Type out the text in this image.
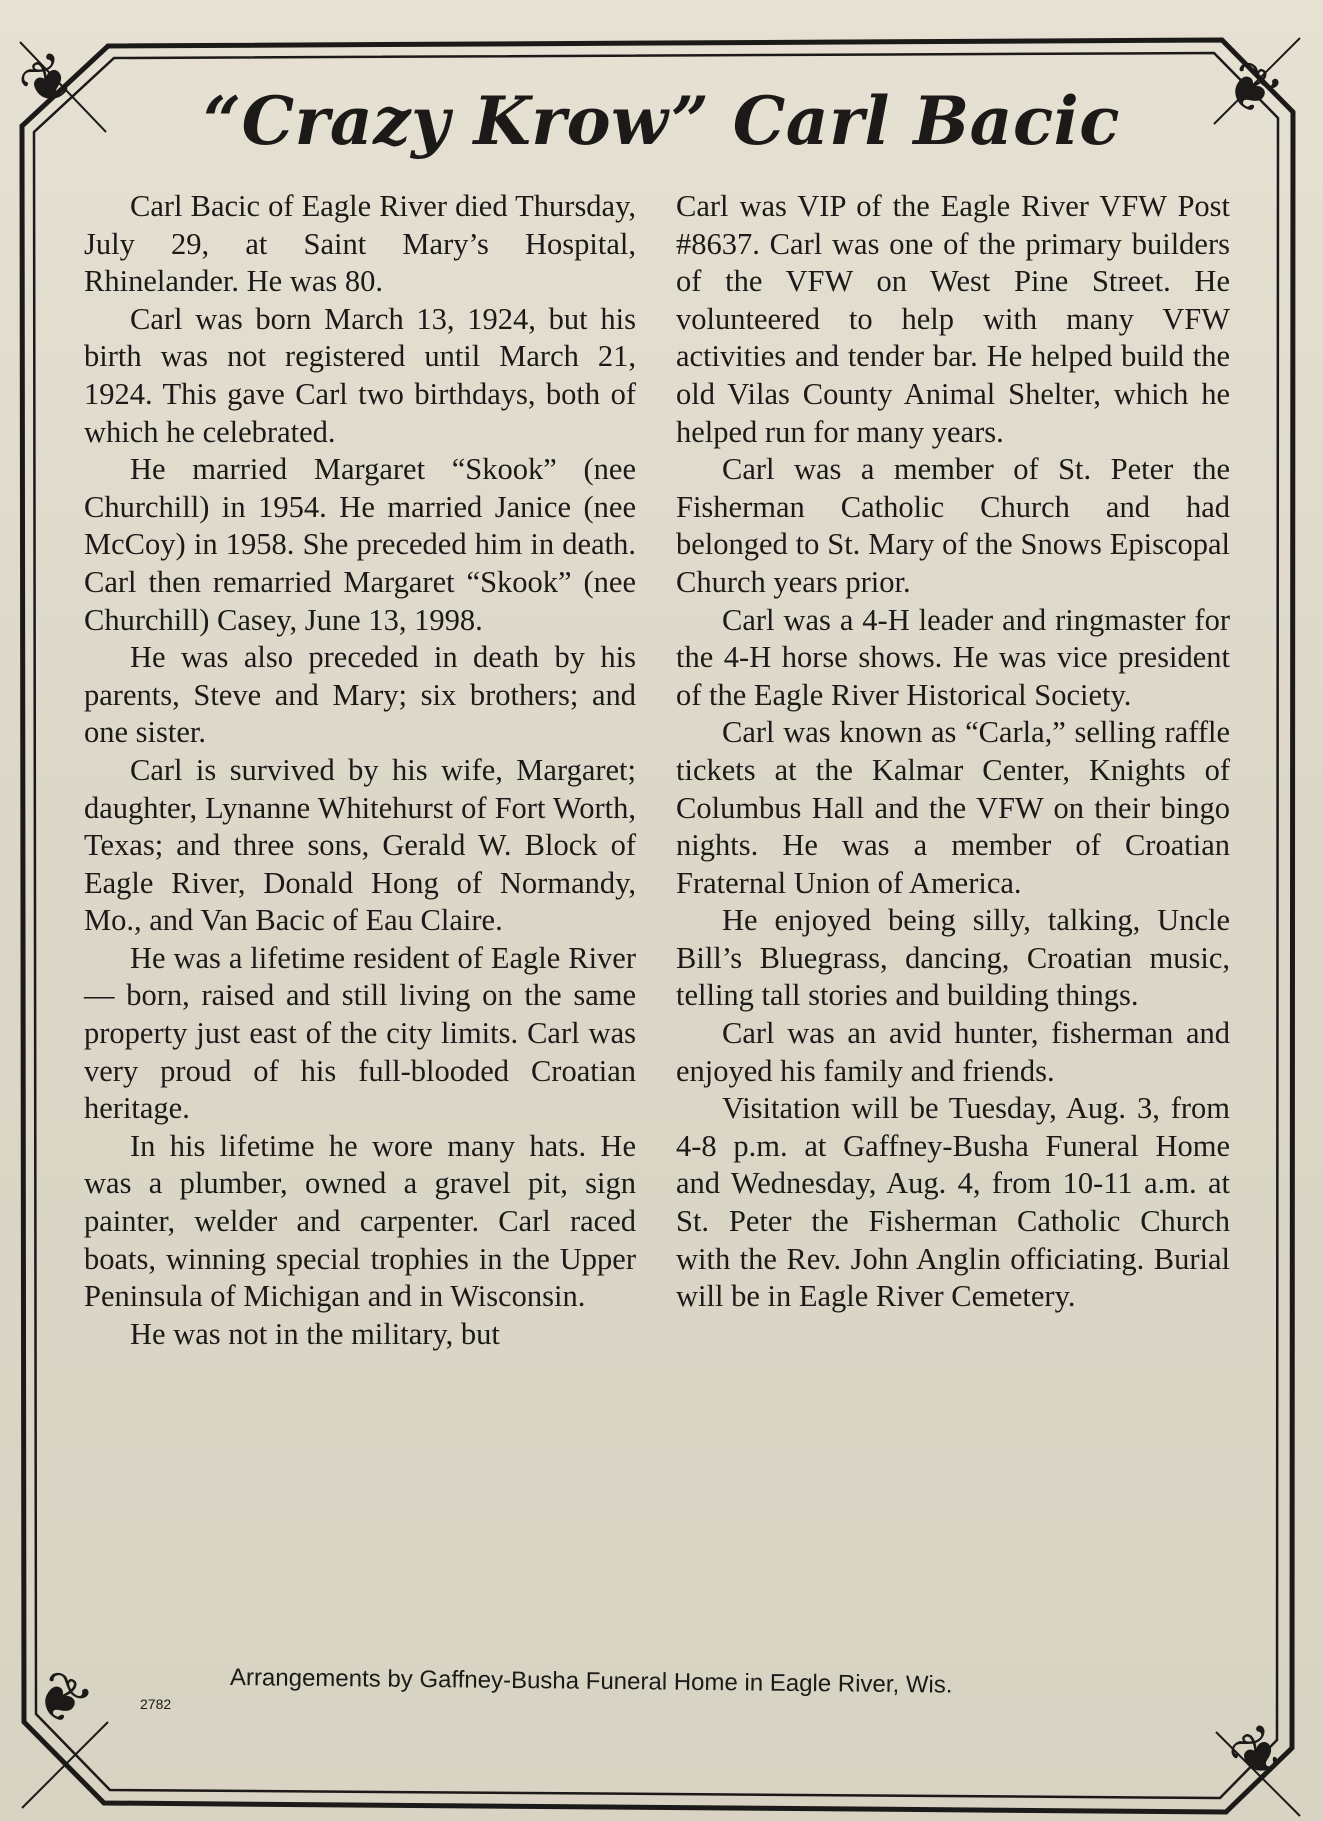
❦	❦
❦
❦
“Crazy Krow” Carl Bacic

Carl Bacic of Eagle River died Thursday, July 29, at Saint Mary’s Hospital, Rhinelander. He was 80.

Carl was born March 13, 1924, but his birth was not registered until March 21, 1924. This gave Carl two birthdays, both of which he celebrated.

He married Margaret “Skook” (nee Churchill) in 1954. He married Janice (nee McCoy) in 1958. She preceded him in death. Carl then remarried Margaret “Skook” (nee Churchill) Casey, June 13, 1998.

He was also preceded in death by his parents, Steve and Mary; six brothers; and one sister.

Carl is survived by his wife, Margaret; daughter, Lynanne Whitehurst of Fort Worth, Texas; and three sons, Gerald W. Block of Eagle River, Donald Hong of Normandy, Mo., and Van Bacic of Eau Claire.

He was a lifetime resident of Eagle River — born, raised and still living on the same property just east of the city limits. Carl was very proud of his full-blooded Croatian heritage.

In his lifetime he wore many hats. He was a plumber, owned a gravel pit, sign painter, welder and carpenter. Carl raced boats, winning special trophies in the Upper Peninsula of Michigan and in Wisconsin.

He was not in the military, but

Carl was VIP of the Eagle River VFW Post #8637. Carl was one of the primary builders of the VFW on West Pine Street. He volunteered to help with many VFW activities and tender bar. He helped build the old Vilas County Animal Shelter, which he helped run for many years.

Carl was a member of St. Peter the Fisherman Catholic Church and had belonged to St. Mary of the Snows Episcopal Church years prior.

Carl was a 4-H leader and ringmaster for the 4-H horse shows. He was vice president of the Eagle River Historical Society.

Carl was known as “Carla,” selling raffle tickets at the Kalmar Center, Knights of Columbus Hall and the VFW on their bingo nights. He was a member of Croatian Fraternal Union of America.

He enjoyed being silly, talking, Uncle Bill’s Bluegrass, dancing, Croatian music, telling tall stories and building things.

Carl was an avid hunter, fisherman and enjoyed his family and friends.

Visitation will be Tuesday, Aug. 3, from 4-8 p.m. at Gaffney-Busha Funeral Home and Wednesday, Aug. 4, from 10-11 a.m. at St. Peter the Fisherman Catholic Church with the Rev. John Anglin officiating. Burial will be in Eagle River Cemetery.

Arrangements by Gaffney-Busha Funeral Home in Eagle River, Wis.
2782
